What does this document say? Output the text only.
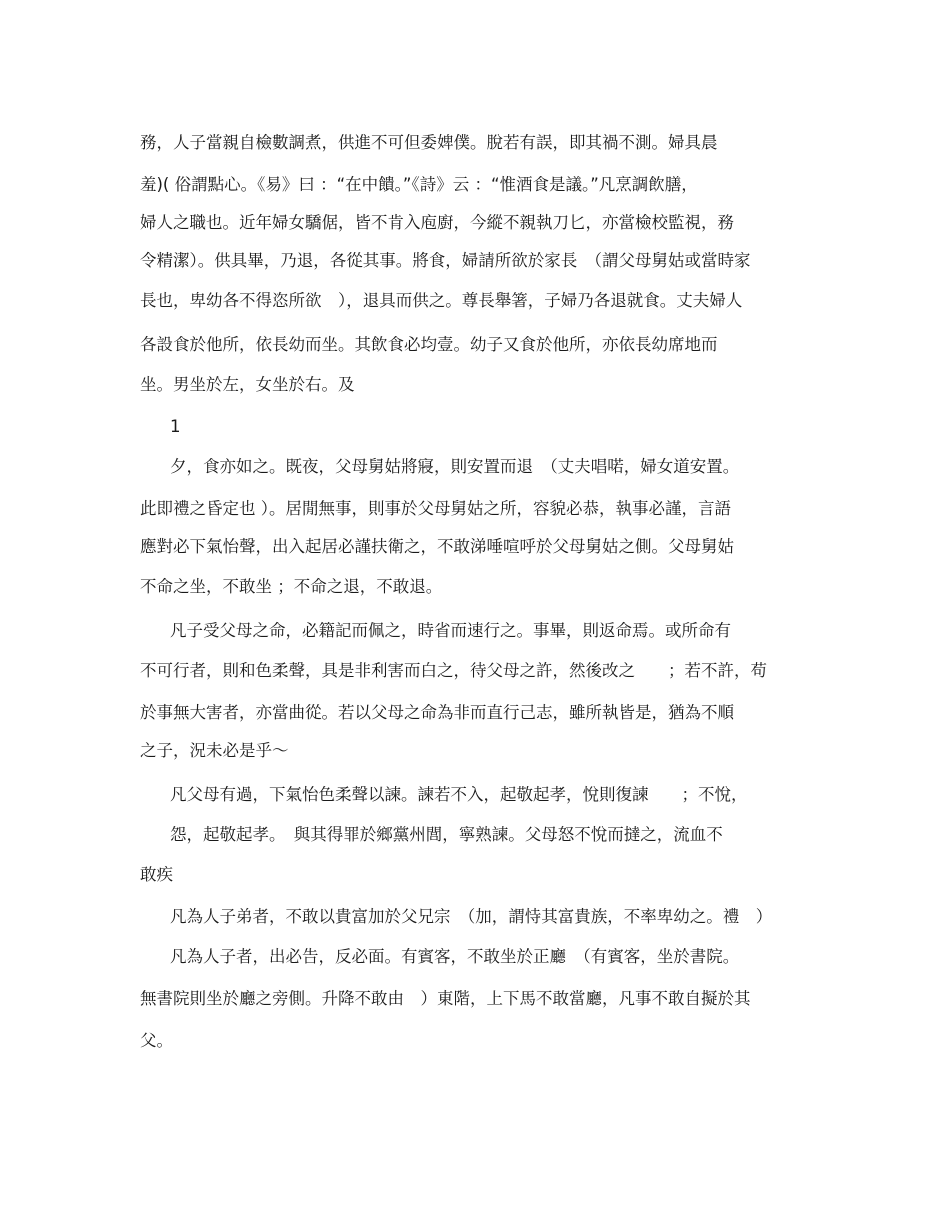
務，人子當親自檢數調煮，供進不可但委婢僕。脫若有誤，即其禍不測。婦具晨
羞)( 俗謂點心。《易》曰 ：“在中饋。”《詩》云 ：“惟酒食是議。”凡烹調飲膳，
婦人之職也。近年婦女驕倨，皆不肯入庖廚，今縱不親執刀匕，亦當檢校監視，務
令精潔）。供具畢，乃退，各從其事。將食，婦請所欲於家長　（謂父母舅姑或當時家
長也，卑幼各不得恣所欲　），退具而供之。尊長舉箸，子婦乃各退就食。丈夫婦人
各設食於他所，依長幼而坐。其飲食必均壹。幼子又食於他所，亦依長幼席地而
坐。男坐於左，女坐於右。及
1
夕，食亦如之。既夜，父母舅姑將寢，則安置而退　（丈夫唱喏，婦女道安置。
此即禮之昏定也 ）。居閒無事，則事於父母舅姑之所，容貌必恭，執事必謹，言語
應對必下氣怡聲，出入起居必謹扶衛之，不敢涕唾喧呼於父母舅姑之側。父母舅姑
不命之坐，不敢坐 ；不命之退，不敢退。
凡子受父母之命，必籍記而佩之，時省而速行之。事畢，則返命焉。或所命有
不可行者，則和色柔聲，具是非利害而白之，待父母之許，然後改之　　；若不許，苟
於事無大害者，亦當曲從。若以父母之命為非而直行己志，雖所執皆是，猶為不順
之子，況未必是乎～
凡父母有過，下氣怡色柔聲以諫。諫若不入，起敬起孝，悅則復諫　　；不悅，
怨，起敬起孝。　與其得罪於鄉黨州閭，寧熟諫。父母怒不悅而撻之，流血不
敢疾
凡為人子弟者，不敢以貴富加於父兄宗　（加，謂恃其富貴族，不率卑幼之。禮　）
凡為人子者，出必告，反必面。有賓客，不敢坐於正廳　（有賓客，坐於書院。
無書院則坐於廳之旁側。升降不敢由　）東階，上下馬不敢當廳，凡事不敢自擬於其
父。
